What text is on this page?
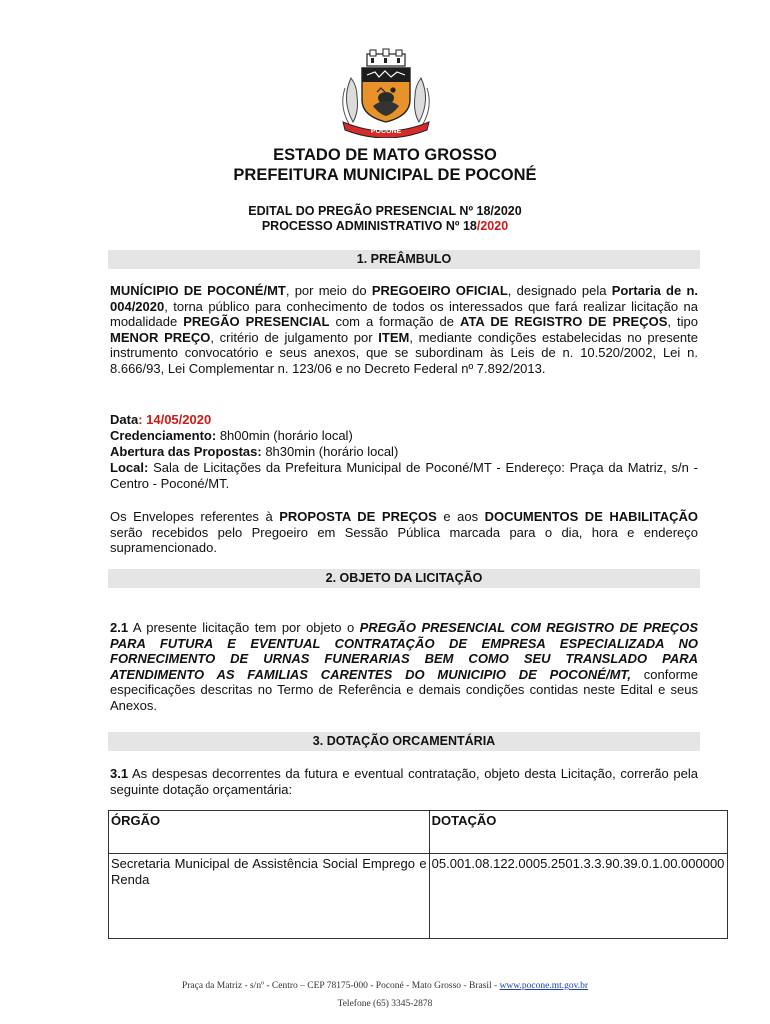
POCONÉ
ESTADO DE MATO GROSSO
PREFEITURA MUNICIPAL DE POCONÉ
EDITAL DO PREGÃO PRESENCIAL Nº 18/2020
PROCESSO ADMINISTRATIVO Nº 18/2020
1. PREÂMBULO
MUNÍCIPIO DE POCONÉ/MT, por meio do PREGOEIRO OFICIAL, designado pela Portaria de n. 004/2020, torna público para conhecimento de todos os interessados que fará realizar licitação na modalidade PREGÃO PRESENCIAL com a formação de ATA DE REGISTRO DE PREÇOS, tipo MENOR PREÇO, critério de julgamento por ITEM, mediante condições estabelecidas no presente instrumento convocatório e seus anexos, que se subordinam às Leis de n. 10.520/2002, Lei n. 8.666/93, Lei Complementar n. 123/06 e no Decreto Federal nº 7.892/2013.
Data: 14/05/2020
Credenciamento: 8h00min (horário local)
Abertura das Propostas: 8h30min (horário local)
Local: Sala de Licitações da Prefeitura Municipal de Poconé/MT - Endereço: Praça da Matriz, s/n - Centro - Poconé/MT.
Os Envelopes referentes à PROPOSTA DE PREÇOS e aos DOCUMENTOS DE HABILITAÇÃO serão recebidos pelo Pregoeiro em Sessão Pública marcada para o dia, hora e endereço supramencionado.
2. OBJETO DA LICITAÇÃO
2.1 A presente licitação tem por objeto o PREGÃO PRESENCIAL COM REGISTRO DE PREÇOS PARA FUTURA E EVENTUAL CONTRATAÇÃO DE EMPRESA ESPECIALIZADA NO FORNECIMENTO DE URNAS FUNERARIAS BEM COMO SEU TRANSLADO PARA ATENDIMENTO AS FAMILIAS CARENTES DO MUNICIPIO DE POCONÉ/MT, conforme especificações descritas no Termo de Referência e demais condições contidas neste Edital e seus Anexos.
3. DOTAÇÃO ORCAMENTÁRIA
3.1 As despesas decorrentes da futura e eventual contratação, objeto desta Licitação, correrão pela seguinte dotação orçamentária:
ÓRGÃO	DOTAÇÃO
Secretaria Municipal de Assistência Social Emprego e Renda	05.001.08.122.0005.2501.3.3.90.39.0.1.00.000000
Praça da Matriz - s/nº - Centro – CEP 78175-000 - Poconé - Mato Grosso - Brasil - www.pocone.mt.gov.br
Telefone (65) 3345-2878
